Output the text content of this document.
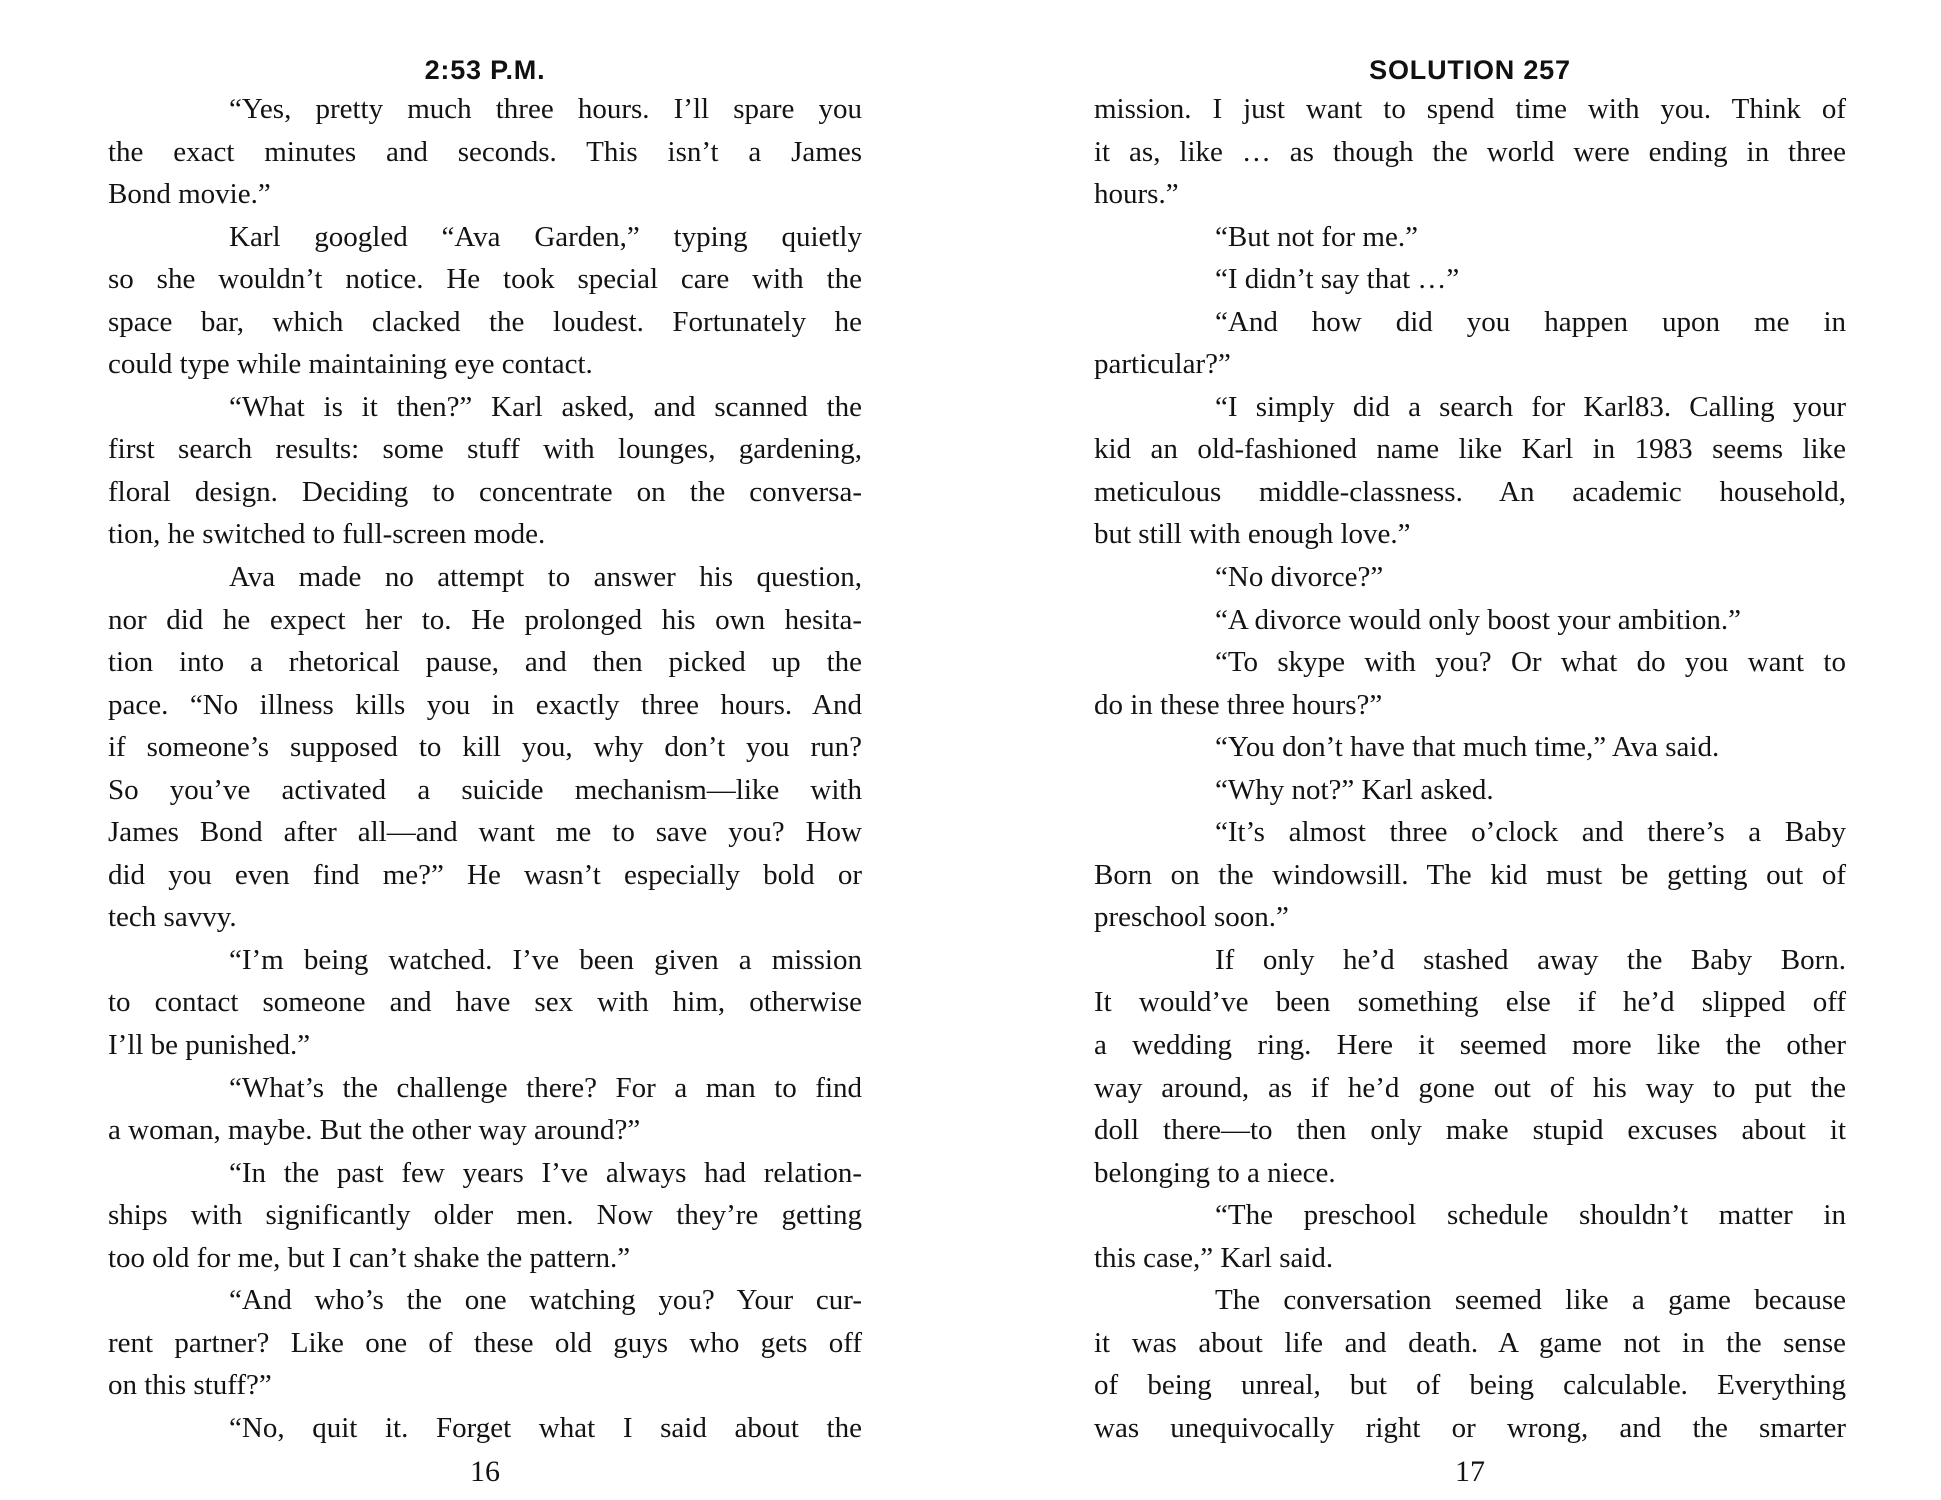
2:53 P.M.
“Yes, pretty much three hours. I’ll spare you
the exact minutes and seconds. This isn’t a James
Bond movie.”
Karl googled “Ava Garden,” typing quietly
so she wouldn’t notice. He took special care with the
space bar, which clacked the loudest. Fortunately he
could type while maintaining eye contact.
“What is it then?” Karl asked, and scanned the
first search results: some stuff with lounges, gardening,
floral design. Deciding to concentrate on the conversa-
tion, he switched to full-screen mode.
Ava made no attempt to answer his question,
nor did he expect her to. He prolonged his own hesita-
tion into a rhetorical pause, and then picked up the
pace. “No illness kills you in exactly three hours. And
if someone’s supposed to kill you, why don’t you run?
So you’ve activated a suicide mechanism—like with
James Bond after all—and want me to save you? How
did you even find me?” He wasn’t especially bold or
tech savvy.
“I’m being watched. I’ve been given a mission
to contact someone and have sex with him, otherwise
I’ll be punished.”
“What’s the challenge there? For a man to find
a woman, maybe. But the other way around?”
“In the past few years I’ve always had relation-
ships with significantly older men. Now they’re getting
too old for me, but I can’t shake the pattern.”
“And who’s the one watching you? Your cur-
rent partner? Like one of these old guys who gets off
on this stuff?”
“No, quit it. Forget what I said about the
16
SOLUTION 257
mission. I just want to spend time with you. Think of
it as, like … as though the world were ending in three
hours.”
“But not for me.”
“I didn’t say that …”
“And how did you happen upon me in
particular?”
“I simply did a search for Karl83. Calling your
kid an old-fashioned name like Karl in 1983 seems like
meticulous middle-classness. An academic household,
but still with enough love.”
“No divorce?”
“A divorce would only boost your ambition.”
“To skype with you? Or what do you want to
do in these three hours?”
“You don’t have that much time,” Ava said.
“Why not?” Karl asked.
“It’s almost three o’clock and there’s a Baby
Born on the windowsill. The kid must be getting out of
preschool soon.”
If only he’d stashed away the Baby Born.
It would’ve been something else if he’d slipped off
a wedding ring. Here it seemed more like the other
way around, as if he’d gone out of his way to put the
doll there—to then only make stupid excuses about it
belonging to a niece.
“The preschool schedule shouldn’t matter in
this case,” Karl said.
The conversation seemed like a game because
it was about life and death. A game not in the sense
of being unreal, but of being calculable. Everything
was unequivocally right or wrong, and the smarter
17
